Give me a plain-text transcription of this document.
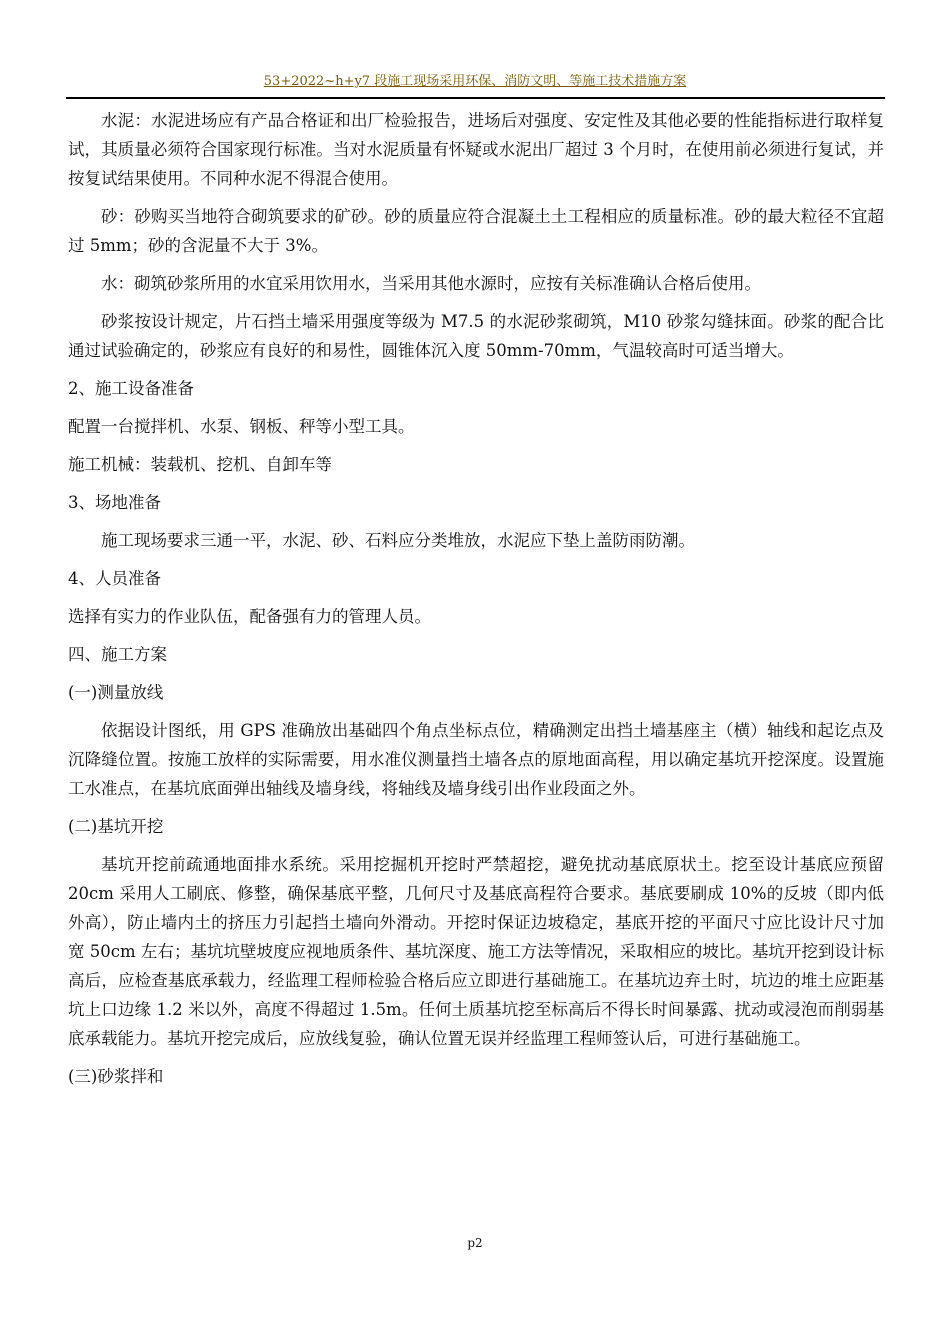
53+2022~h+y7 段施工现场采用环保、消防文明、等施工技术措施方案

水泥：水泥进场应有产品合格证和出厂检验报告，进场后对强度、安定性及其他必要的性能指标进行取样复试，其质量必须符合国家现行标准。当对水泥质量有怀疑或水泥出厂超过 3 个月时，在使用前必须进行复试，并按复试结果使用。不同种水泥不得混合使用。

砂：砂购买当地符合砌筑要求的矿砂。砂的质量应符合混凝土土工程相应的质量标准。砂的最大粒径不宜超过 5mm；砂的含泥量不大于 3%。

水：砌筑砂浆所用的水宜采用饮用水，当采用其他水源时，应按有关标准确认合格后使用。

砂浆按设计规定，片石挡土墙采用强度等级为 M7.5 的水泥砂浆砌筑，M10 砂浆勾缝抹面。砂浆的配合比通过试验确定的，砂浆应有良好的和易性，圆锥体沉入度 50mm-70mm，气温较高时可适当增大。

2、施工设备准备

配置一台搅拌机、水泵、钢板、秤等小型工具。

施工机械：装载机、挖机、自卸车等

3、场地准备

施工现场要求三通一平，水泥、砂、石料应分类堆放，水泥应下垫上盖防雨防潮。

4、人员准备

选择有实力的作业队伍，配备强有力的管理人员。

四、施工方案

(一)测量放线

依据设计图纸，用 GPS 准确放出基础四个角点坐标点位，精确测定出挡土墙基座主（横）轴线和起讫点及沉降缝位置。按施工放样的实际需要，用水准仪测量挡土墙各点的原地面高程，用以确定基坑开挖深度。设置施工水准点，在基坑底面弹出轴线及墙身线，将轴线及墙身线引出作业段面之外。

(二)基坑开挖

基坑开挖前疏通地面排水系统。采用挖掘机开挖时严禁超挖，避免扰动基底原状土。挖至设计基底应预留 20cm 采用人工刷底、修整，确保基底平整，几何尺寸及基底高程符合要求。基底要刷成 10%的反坡（即内低外高），防止墙内土的挤压力引起挡土墙向外滑动。开挖时保证边坡稳定，基底开挖的平面尺寸应比设计尺寸加宽 50cm 左右；基坑坑壁坡度应视地质条件、基坑深度、施工方法等情况，采取相应的坡比。基坑开挖到设计标高后，应检查基底承载力，经监理工程师检验合格后应立即进行基础施工。在基坑边弃土时，坑边的堆土应距基坑上口边缘 1.2 米以外，高度不得超过 1.5m。任何土质基坑挖至标高后不得长时间暴露、扰动或浸泡而削弱基底承载能力。基坑开挖完成后，应放线复验，确认位置无误并经监理工程师签认后，可进行基础施工。

(三)砂浆拌和

p2
